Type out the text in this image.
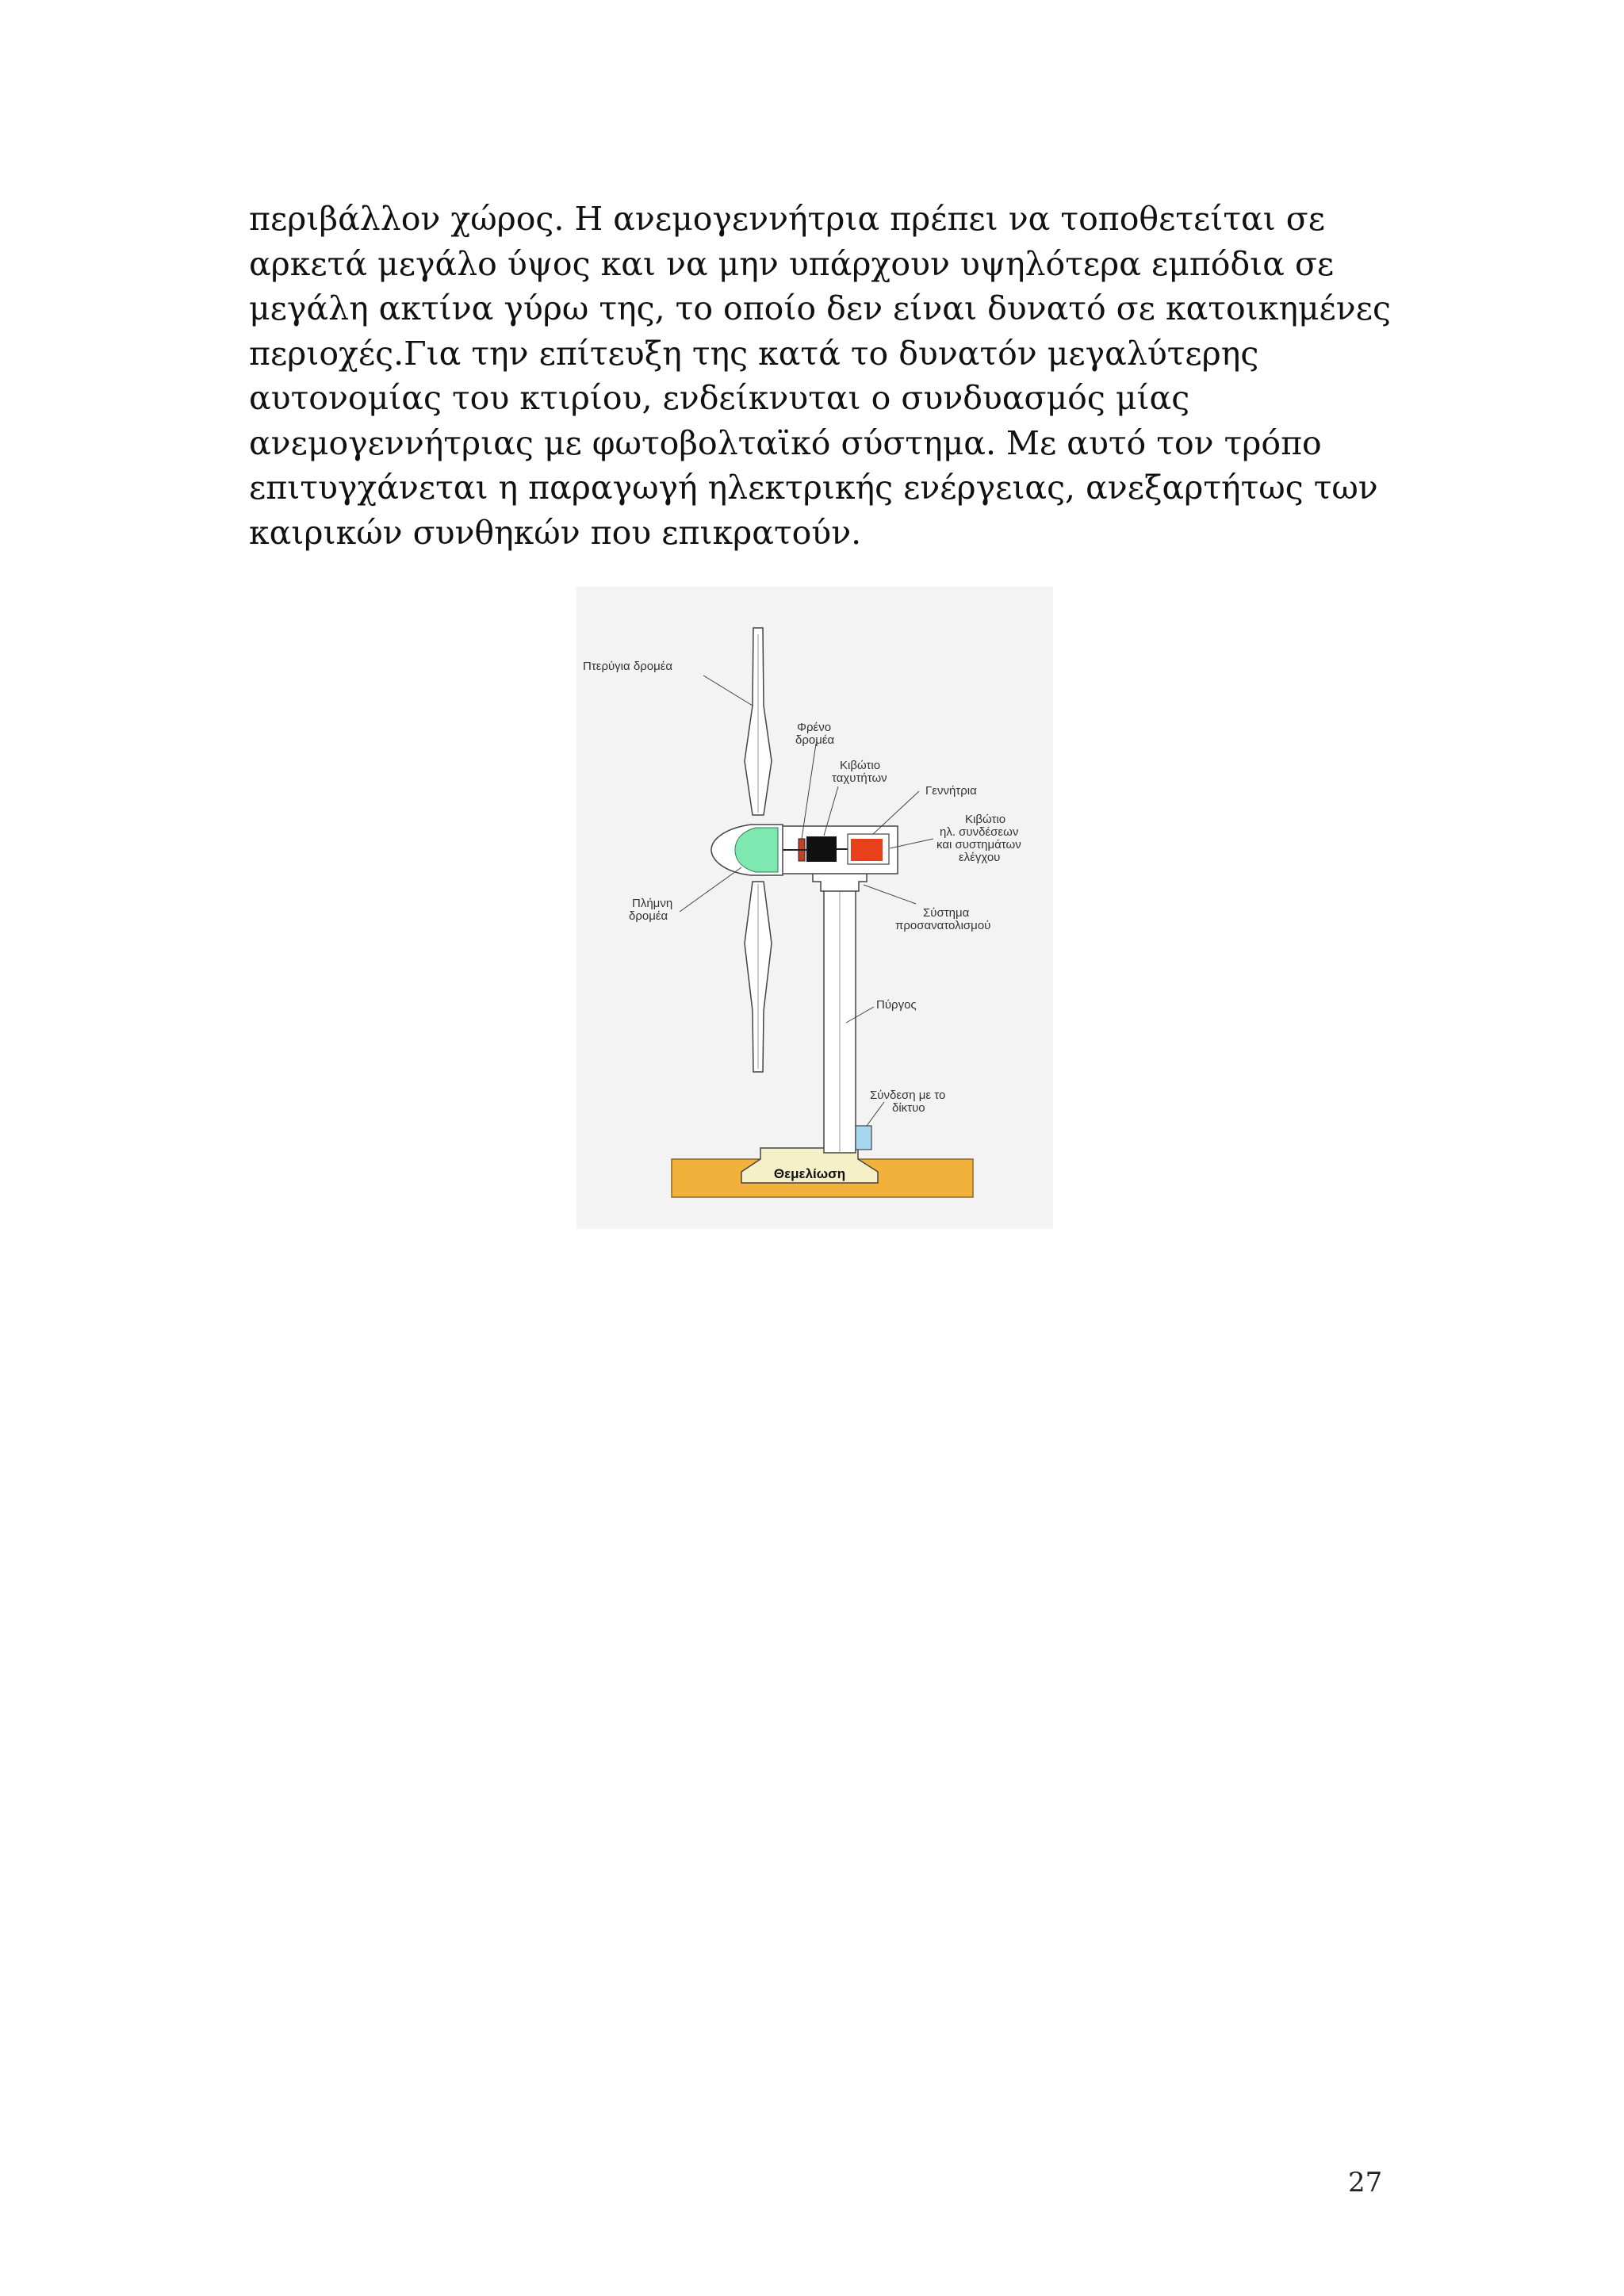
περιβάλλον χώρος. Η ανεμογεννήτρια πρέπει να τοποθετείται σε
αρκετά μεγάλο ύψος και να μην υπάρχουν υψηλότερα εμπόδια σε
μεγάλη ακτίνα γύρω της, το οποίο δεν είναι δυνατό σε κατοικημένες
περιοχές.Για την επίτευξη της κατά το δυνατόν μεγαλύτερης
αυτονομίας του κτιρίου, ενδείκνυται ο συνδυασμός μίας
ανεμογεννήτριας με φωτοβολταϊκό σύστημα. Με αυτό τον τρόπο
επιτυγχάνεται η παραγωγή ηλεκτρικής ενέργειας, ανεξαρτήτως των
καιρικών συνθηκών που επικρατούν.
Πτερύγια δρομέα
Φρένο
δρομέα
Κιβώτιο
ταχυτήτων
Γεννήτρια
Κιβώτιο
ηλ. συνδέσεων
και συστημάτων
ελέγχου
Πλήμνη
δρομέα	Σύστημα
προσανατολισμού
Πύργος
Σύνδεση με το
δίκτυο
Θεμελίωση
27
